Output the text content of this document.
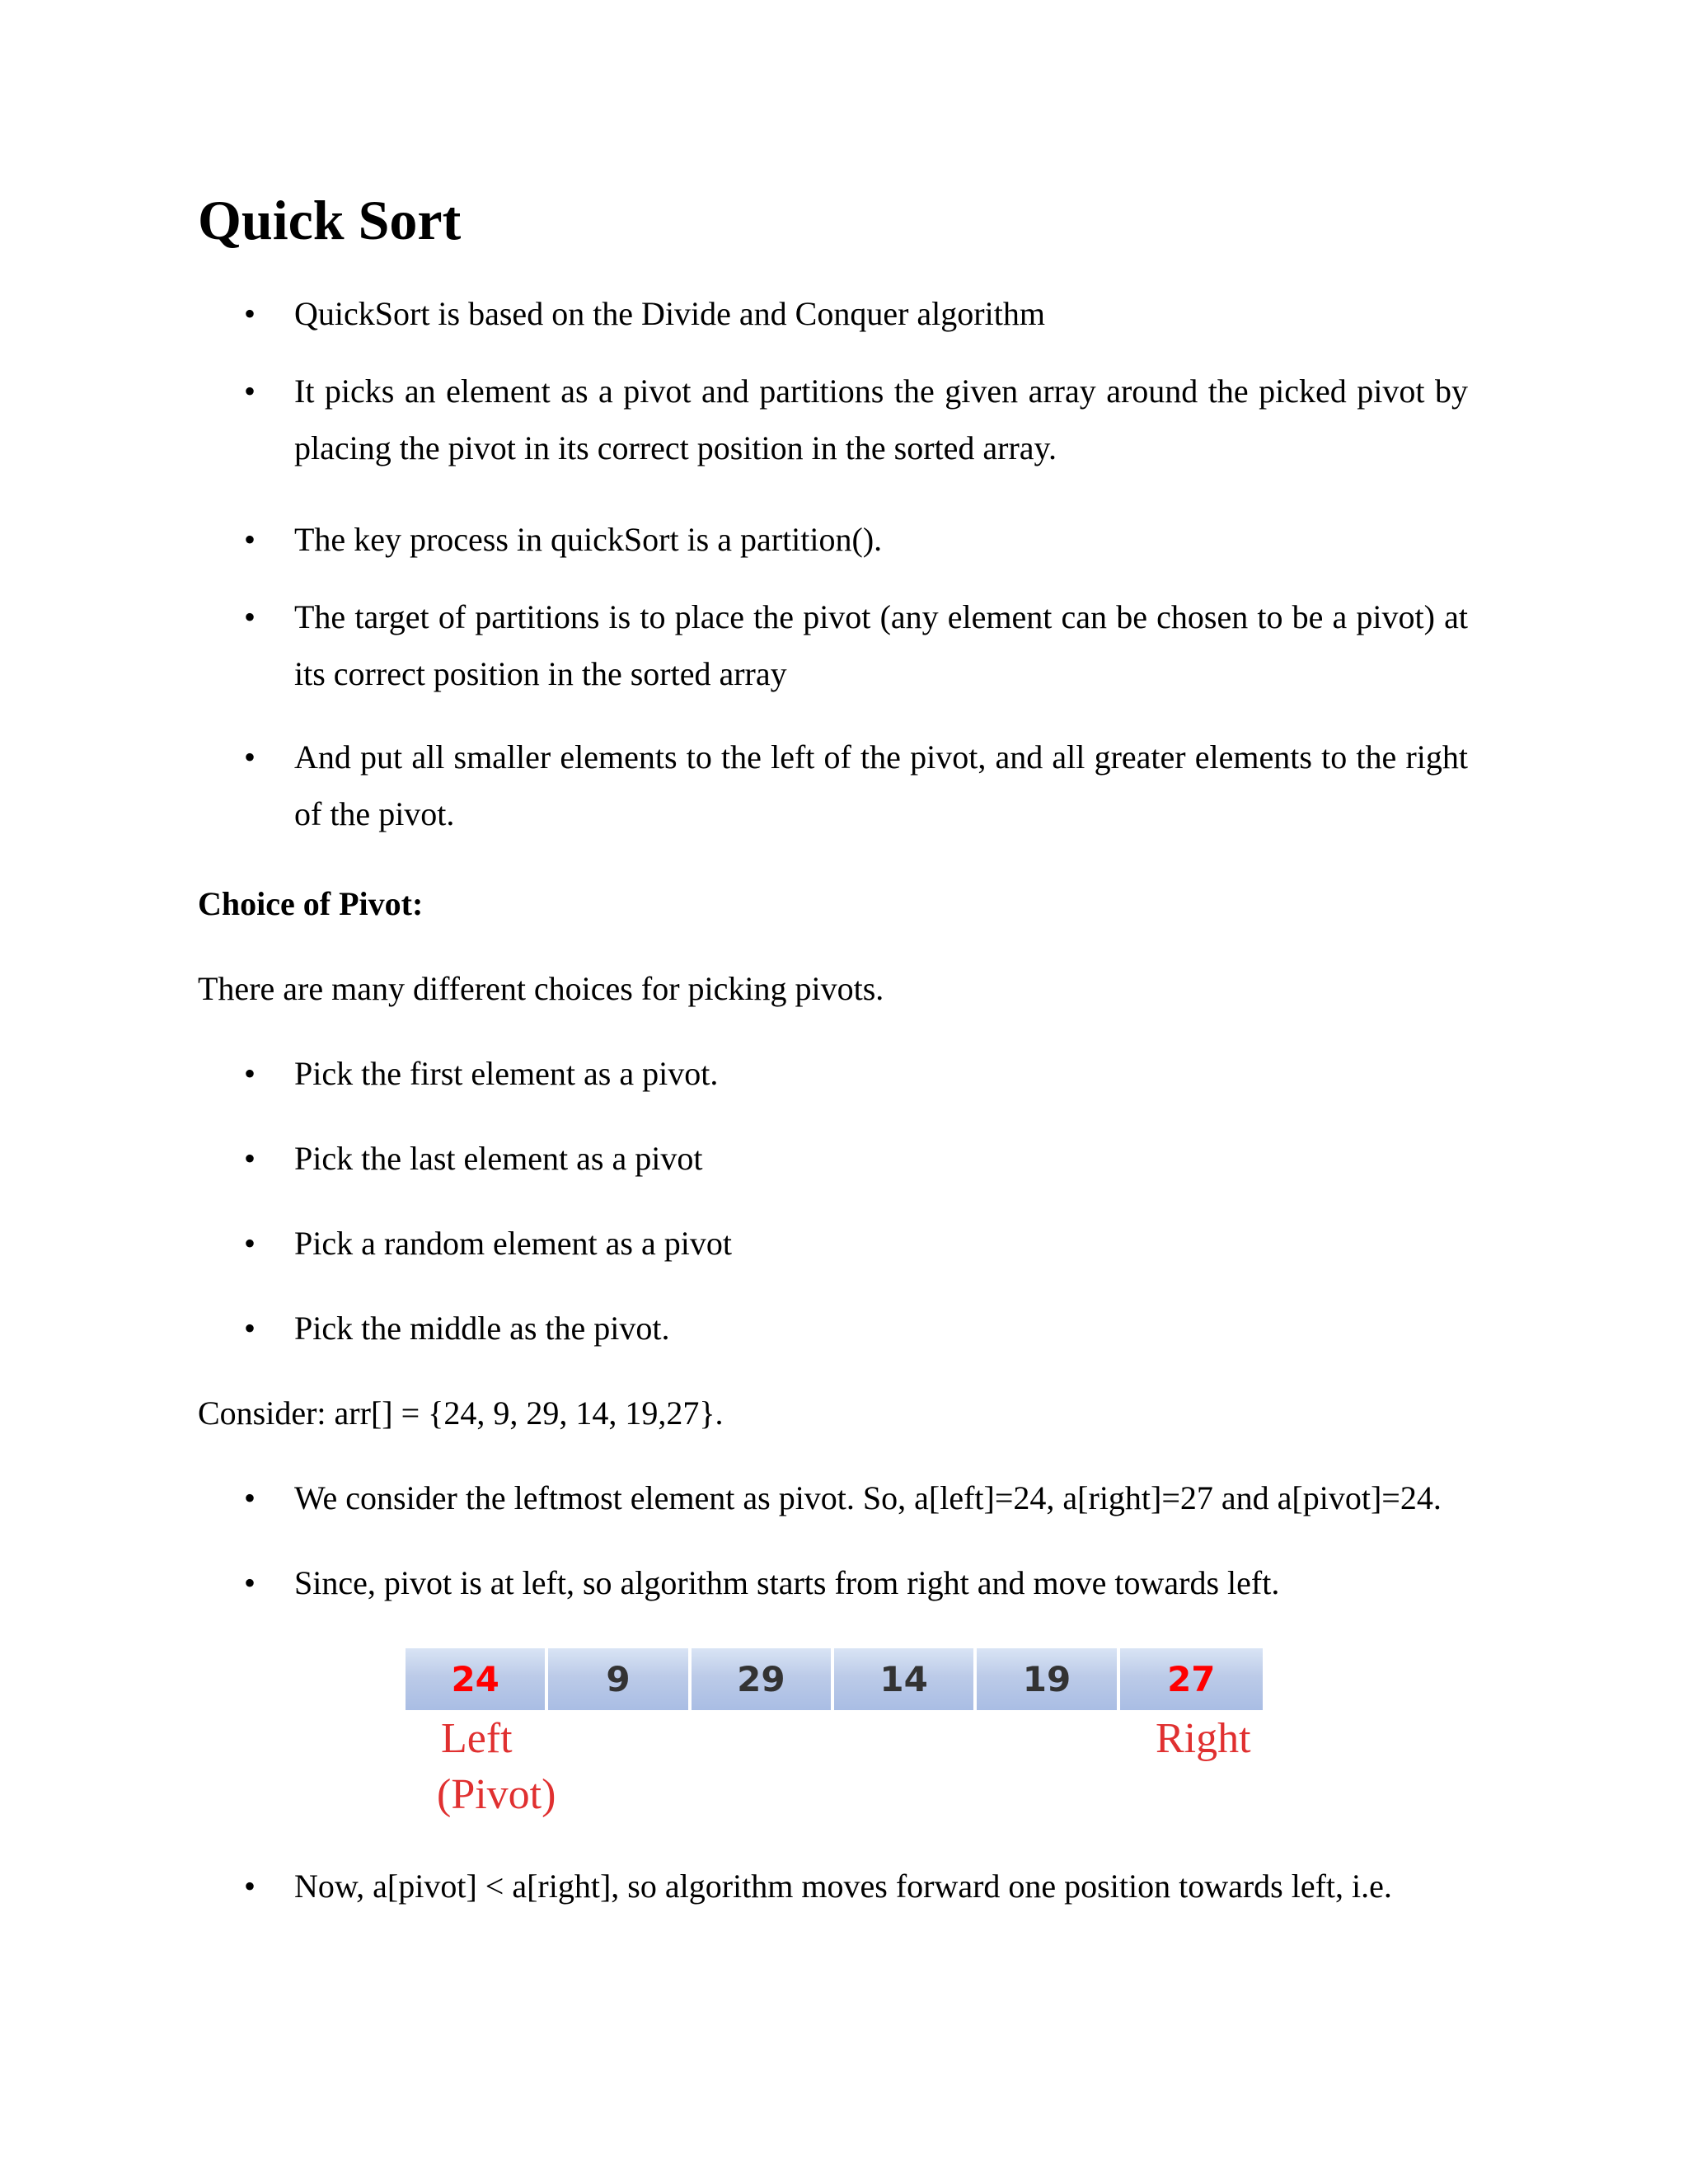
Quick Sort
• QuickSort is based on the Divide and Conquer algorithm
• It picks an element as a pivot and partitions the given array around the picked pivot by placing the pivot in its correct position in the sorted array.
• The key process in quickSort is a partition().
• The target of partitions is to place the pivot (any element can be chosen to be a pivot) at its correct position in the sorted array
• And put all smaller elements to the left of the pivot, and all greater elements to the right of the pivot.
Choice of Pivot:
There are many different choices for picking pivots.
• Pick the first element as a pivot.
• Pick the last element as a pivot
• Pick a random element as a pivot
• Pick the middle as the pivot.
Consider: arr[] = {24, 9, 29, 14, 19,27}.
• We consider the leftmost element as pivot. So, a[left]=24, a[right]=27 and a[pivot]=24.
• Since, pivot is at left, so algorithm starts from right and move towards left.
24	9	29	14	19	27
Left
(Pivot)
Right
• Now, a[pivot] < a[right], so algorithm moves forward one position towards left, i.e.
